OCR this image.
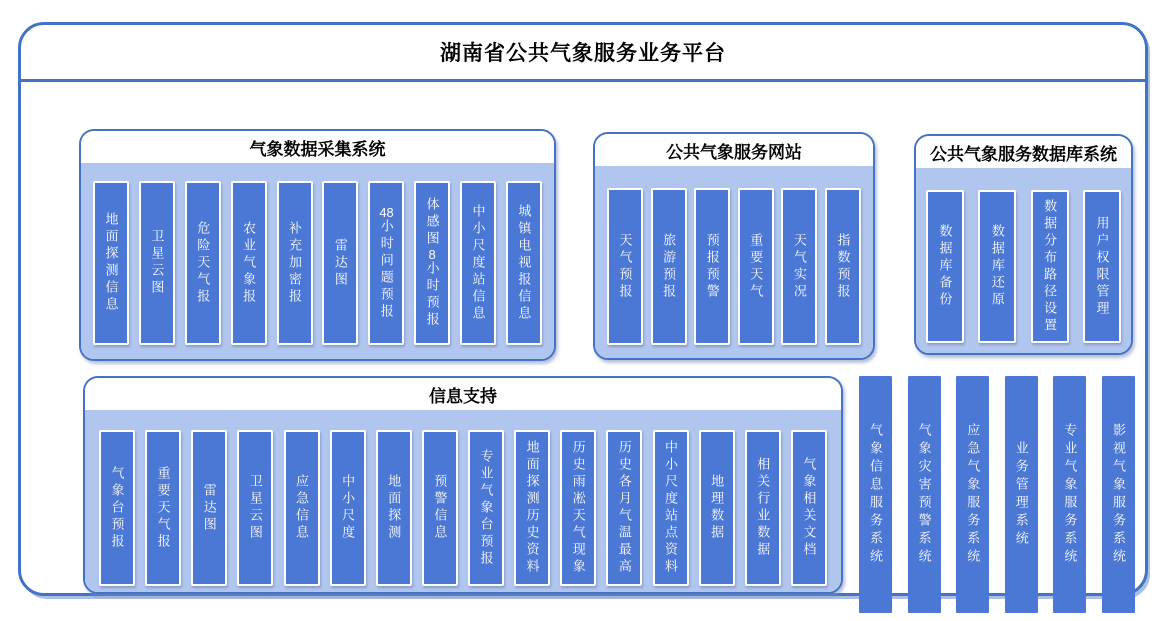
湖南省公共气象服务业务平台
气象数据采集系统
地面探测信息 卫星云图 危险天气报 农业气象报 补充加密报 雷达图
48小时问题预报 体感图8小时预报 中小尺度站信息 城镇电视报信息
公共气象服务网站
天气预报 旅游预报 预报预警 重要天气 天气实况 指数预报
公共气象服务数据库系统
数据库备份	数据库还原	数据分布路径设置	用户权限管理
信息支持
气象台预报 重要天气报 雷达图 卫星云图 应急信息 中小尺度 地面探测 预警信息 专业气象台预报 地面探测历史资料 历史雨凇天气现象 历史各月气温最高 中小尺度站点资料 地理数据 相关行业数据 气象相关文档	气象信息服务系统	气象灾害预警系统	应急气象服务系统	业务管理系统	专业气象服务系统	影视气象服务系统
